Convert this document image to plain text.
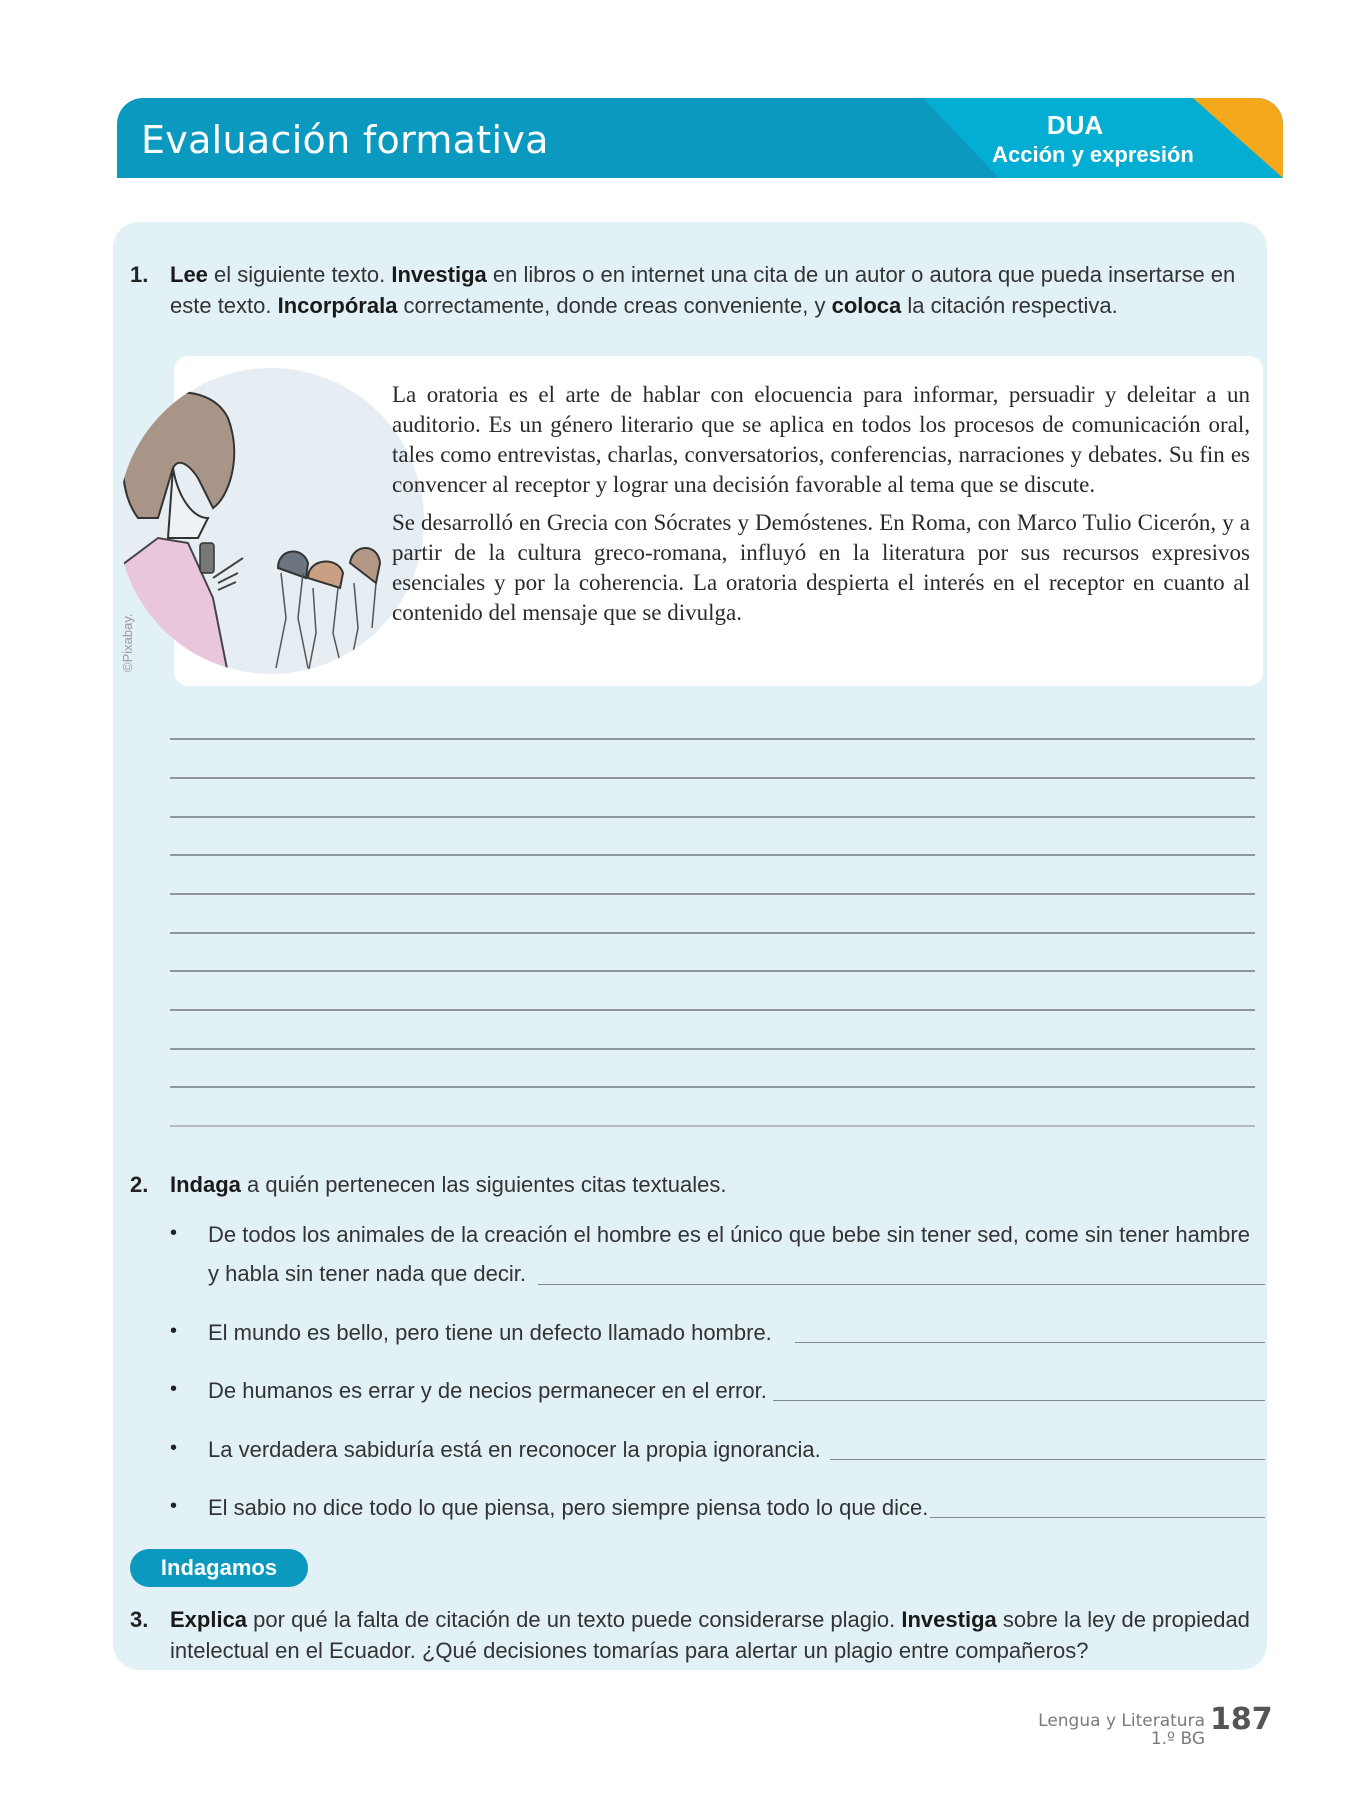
Evaluación formativa	DUA
Acción y expresión
1. Lee el siguiente texto. Investiga en libros o en internet una cita de un autor o autora que pueda insertarse en este texto. Incorpórala correctamente, donde creas conveniente, y coloca la citación respectiva.
©Pixabay.

La oratoria es el arte de hablar con elocuencia para informar, persuadir y deleitar a un auditorio. Es un género literario que se aplica en todos los procesos de comunicación oral, tales como entrevistas, charlas, conversatorios, conferencias, narraciones y debates. Su fin es convencer al receptor y lograr una decisión favorable al tema que se discute.

Se desarrolló en Grecia con Sócrates y Demóstenes. En Roma, con Marco Tulio Cicerón, y a partir de la cultura greco-romana, influyó en la literatura por sus recursos expresivos esenciales y por la coherencia. La oratoria despierta el interés en el receptor en cuanto al contenido del mensaje que se divulga.

2. Indaga a quién pertenecen las siguientes citas textuales.
• De todos los animales de la creación el hombre es el único que bebe sin tener sed, come sin tener hambre
y habla sin tener nada que decir.
• El mundo es bello, pero tiene un defecto llamado hombre.
• De humanos es errar y de necios permanecer en el error.
• La verdadera sabiduría está en reconocer la propia ignorancia.
• El sabio no dice todo lo que piensa, pero siempre piensa todo lo que dice.
Indagamos
3. Explica por qué la falta de citación de un texto puede considerarse plagio. Investiga sobre la ley de propiedad intelectual en el Ecuador. ¿Qué decisiones tomarías para alertar un plagio entre compañeros?
Lengua y Literatura
1.º BG
187
